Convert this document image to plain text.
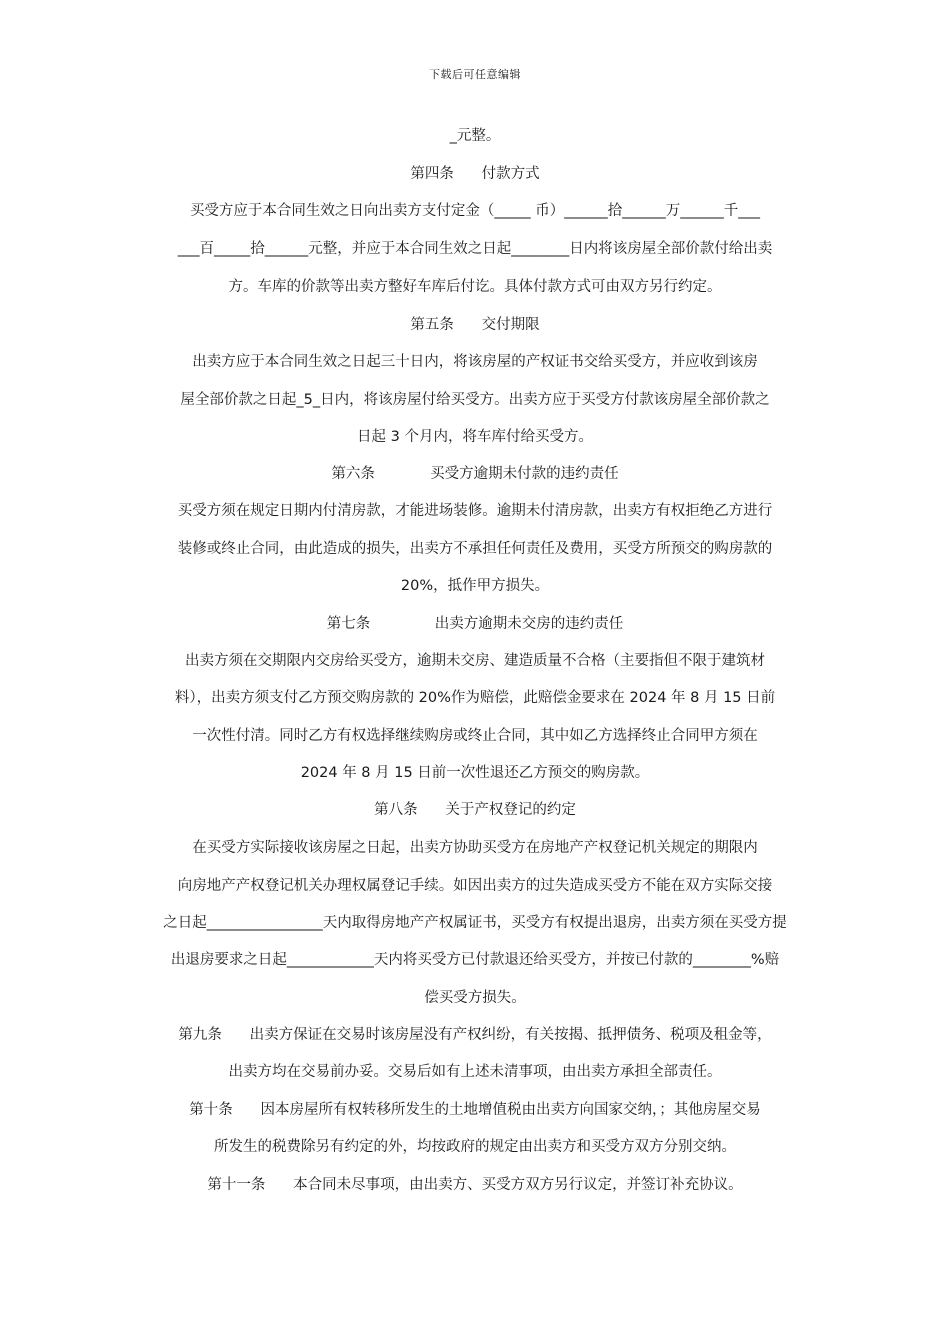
下载后可任意编辑
_元整。
第四条      付款方式
买受方应于本合同生效之日向出卖方支付定金（_____ 币）______拾______万______千___
___百_____拾______元整，并应于本合同生效之日起________日内将该房屋全部价款付给出卖
方。车库的价款等出卖方整好车库后付讫。具体付款方式可由双方另行约定。
第五条      交付期限
出卖方应于本合同生效之日起三十日内，将该房屋的产权证书交给买受方，并应收到该房
屋全部价款之日起_5_日内，将该房屋付给买受方。出卖方应于买受方付款该房屋全部价款之
日起 3 个月内，将车库付给买受方。
第六条            买受方逾期未付款的违约责任
买受方须在规定日期内付清房款，才能进场装修。逾期未付清房款，出卖方有权拒绝乙方进行
装修或终止合同，由此造成的损失，出卖方不承担任何责任及费用，买受方所预交的购房款的
20%，抵作甲方损失。
第七条              出卖方逾期未交房的违约责任
出卖方须在交期限内交房给买受方，逾期未交房、建造质量不合格（主要指但不限于建筑材
料），出卖方须支付乙方预交购房款的 20%作为赔偿，此赔偿金要求在 2024 年 8 月 15 日前
一次性付清。同时乙方有权选择继续购房或终止合同，其中如乙方选择终止合同甲方须在
2024 年 8 月 15 日前一次性退还乙方预交的购房款。
第八条      关于产权登记的约定
在买受方实际接收该房屋之日起，出卖方协助买受方在房地产产权登记机关规定的期限内
向房地产产权登记机关办理权属登记手续。如因出卖方的过失造成买受方不能在双方实际交接
之日起________________天内取得房地产产权属证书，买受方有权提出退房，出卖方须在买受方提
出退房要求之日起____________天内将买受方已付款退还给买受方，并按已付款的________%赔
偿买受方损失。
第九条      出卖方保证在交易时该房屋没有产权纠纷，有关按揭、抵押债务、税项及租金等，
出卖方均在交易前办妥。交易后如有上述未清事项，由出卖方承担全部责任。
第十条      因本房屋所有权转移所发生的土地增值税由出卖方向国家交纳，；其他房屋交易
所发生的税费除另有约定的外，均按政府的规定由出卖方和买受方双方分别交纳。
第十一条      本合同未尽事项，由出卖方、买受方双方另行议定，并签订补充协议。
